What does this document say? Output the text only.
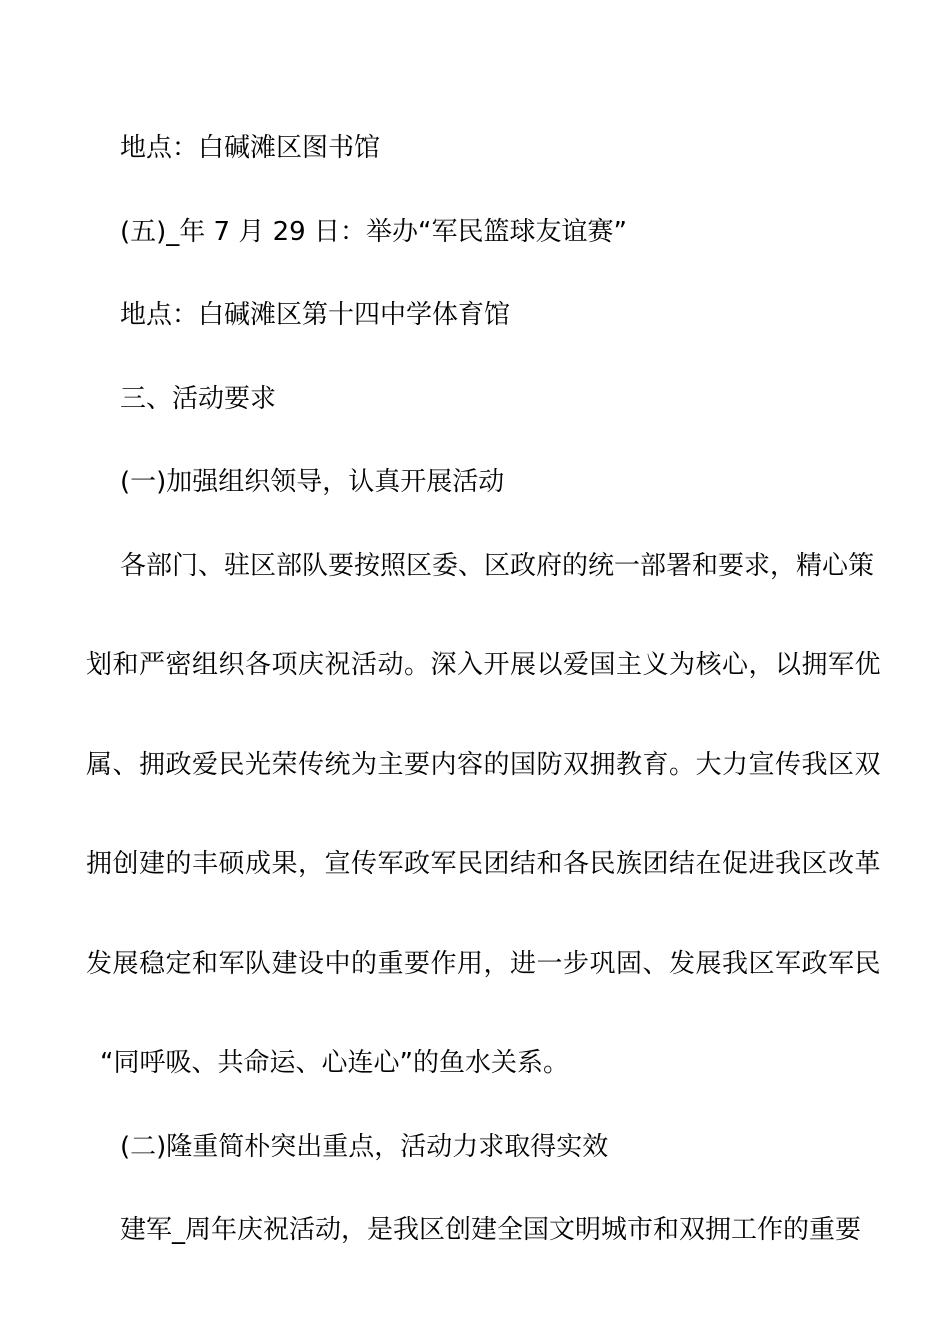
地点：白碱滩区图书馆
(五)_年 7 月 29 日：举办“军民篮球友谊赛”
地点：白碱滩区第十四中学体育馆
三、活动要求
(一)加强组织领导，认真开展活动
各部门、驻区部队要按照区委、区政府的统一部署和要求，精心策
划和严密组织各项庆祝活动。深入开展以爱国主义为核心，以拥军优
属、拥政爱民光荣传统为主要内容的国防双拥教育。大力宣传我区双
拥创建的丰硕成果，宣传军政军民团结和各民族团结在促进我区改革
发展稳定和军队建设中的重要作用，进一步巩固、发展我区军政军民
“同呼吸、共命运、心连心”的鱼水关系。
(二)隆重简朴突出重点，活动力求取得实效
建军_周年庆祝活动，是我区创建全国文明城市和双拥工作的重要
